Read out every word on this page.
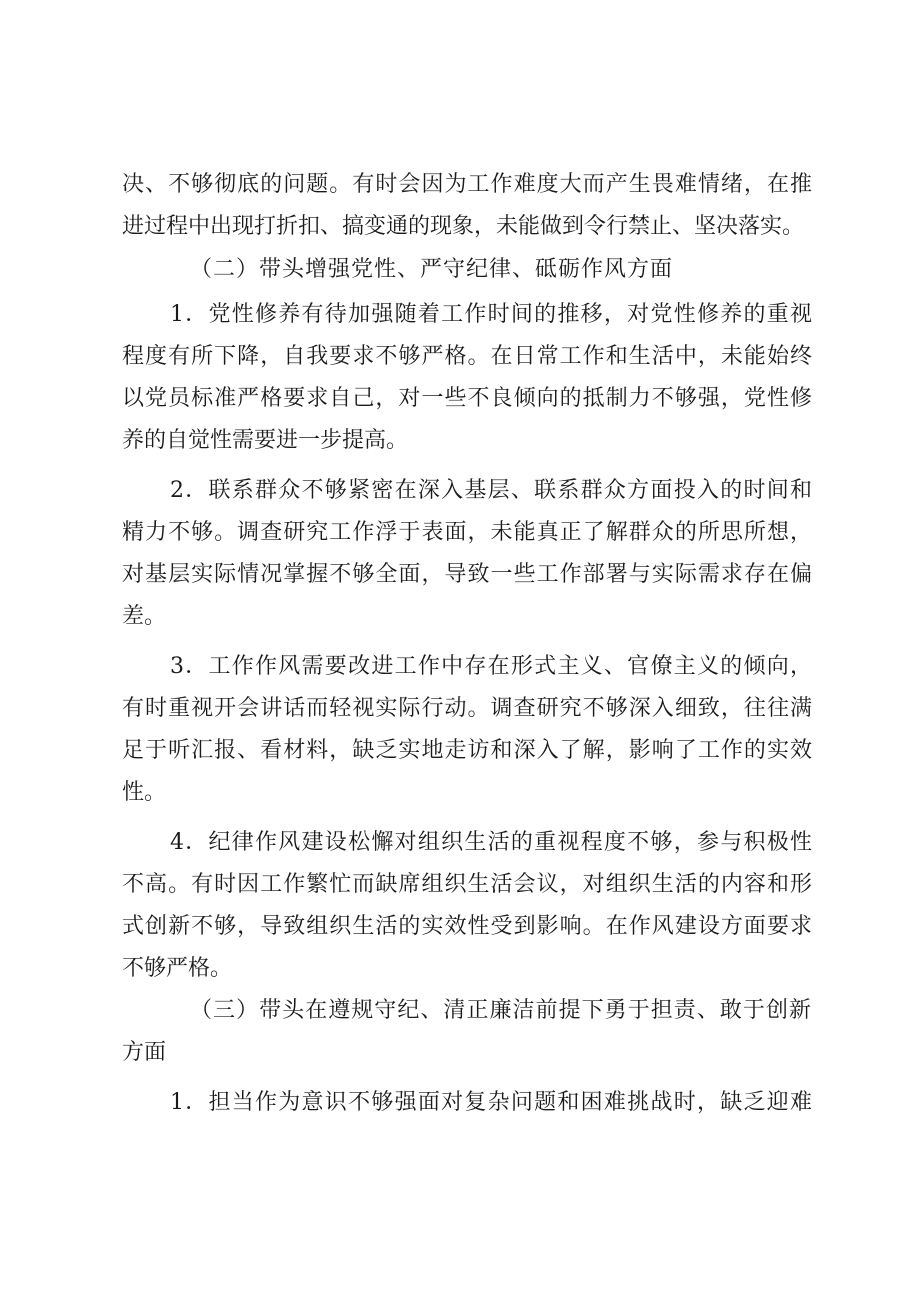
决、不够彻底的问题。有时会因为工作难度大而产生畏难情绪，在推
进过程中出现打折扣、搞变通的现象，未能做到令行禁止、坚决落实。
（二）带头增强党性、严守纪律、砥砺作风方面
1．党性修养有待加强随着工作时间的推移，对党性修养的重视
程度有所下降，自我要求不够严格。在日常工作和生活中，未能始终
以党员标准严格要求自己，对一些不良倾向的抵制力不够强，党性修
养的自觉性需要进一步提高。
2．联系群众不够紧密在深入基层、联系群众方面投入的时间和
精力不够。调查研究工作浮于表面，未能真正了解群众的所思所想，
对基层实际情况掌握不够全面，导致一些工作部署与实际需求存在偏
差。
3．工作作风需要改进工作中存在形式主义、官僚主义的倾向，
有时重视开会讲话而轻视实际行动。调查研究不够深入细致，往往满
足于听汇报、看材料，缺乏实地走访和深入了解，影响了工作的实效
性。
4．纪律作风建设松懈对组织生活的重视程度不够，参与积极性
不高。有时因工作繁忙而缺席组织生活会议，对组织生活的内容和形
式创新不够，导致组织生活的实效性受到影响。在作风建设方面要求
不够严格。
（三）带头在遵规守纪、清正廉洁前提下勇于担责、敢于创新
方面
1．担当作为意识不够强面对复杂问题和困难挑战时，缺乏迎难
